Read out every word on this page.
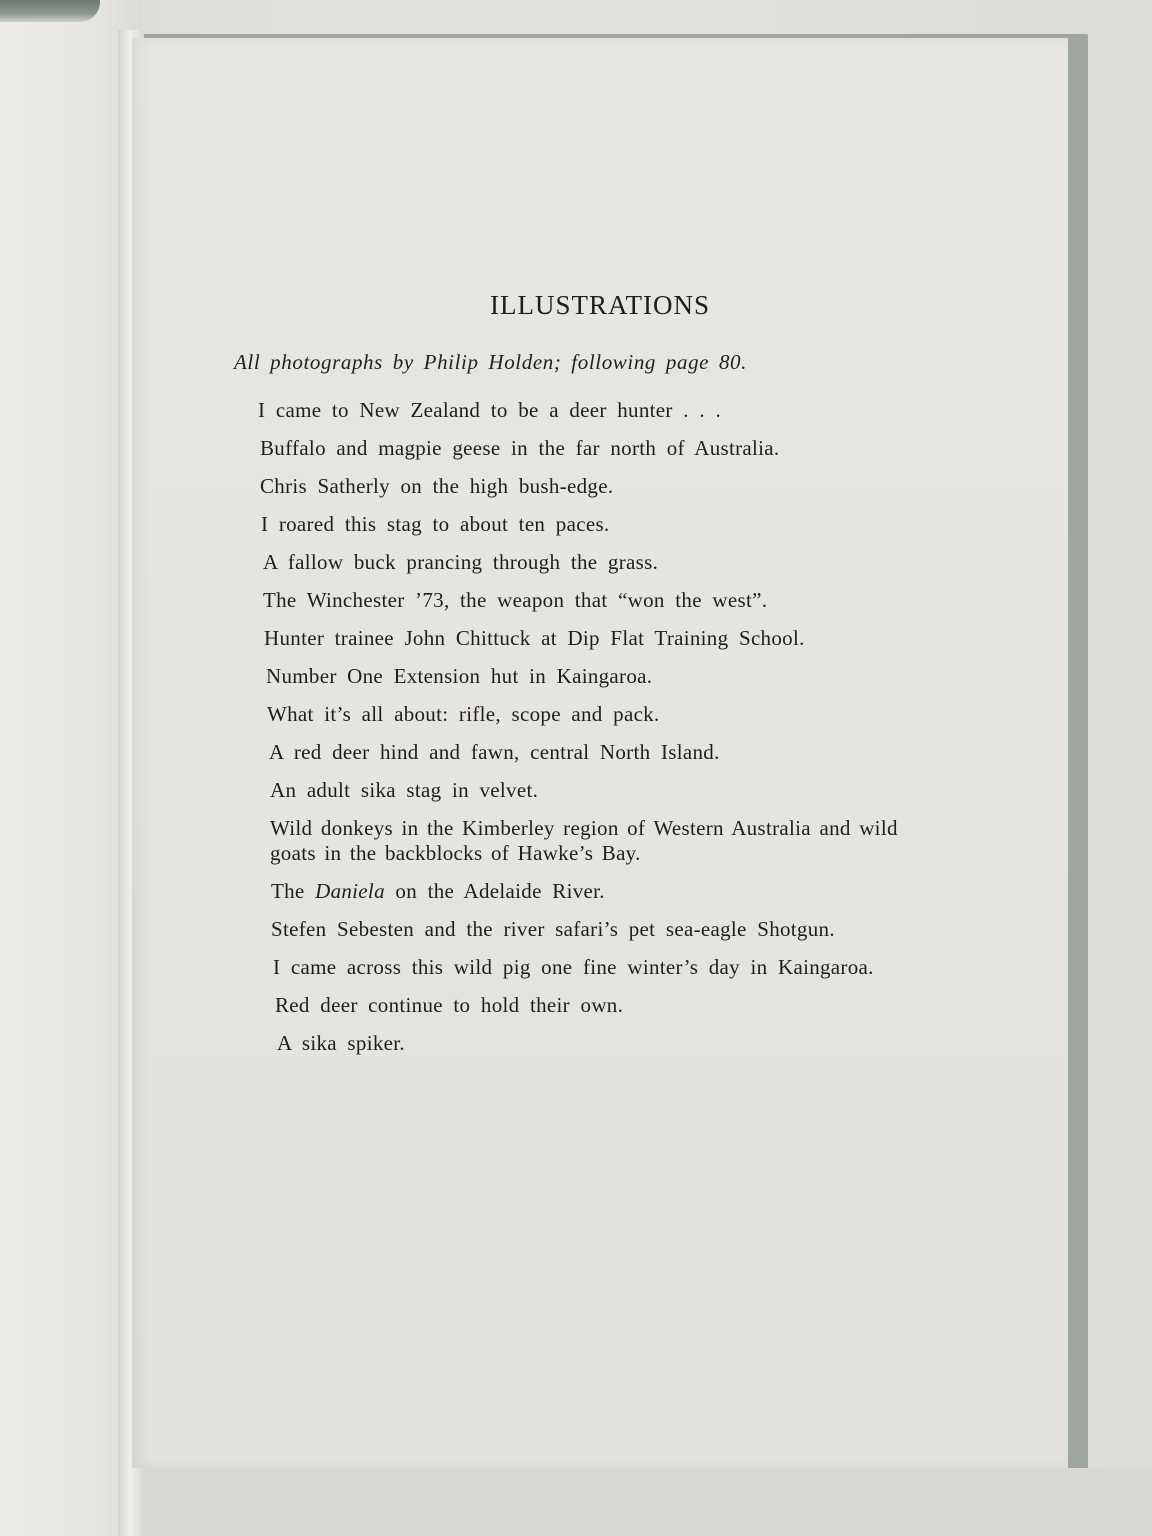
ILLUSTRATIONS
All photographs by Philip Holden; following page 80.
I came to New Zealand to be a deer hunter . . .
Buffalo and magpie geese in the far north of Australia.
Chris Satherly on the high bush-edge.
I roared this stag to about ten paces.
A fallow buck prancing through the grass.
The Winchester ’73, the weapon that “won the west”.
Hunter trainee John Chittuck at Dip Flat Training School.
Number One Extension hut in Kaingaroa.
What it’s all about: rifle, scope and pack.
A red deer hind and fawn, central North Island.
An adult sika stag in velvet.
Wild donkeys in the Kimberley region of Western Australia and wild goats in the backblocks of Hawke’s Bay.
The Daniela on the Adelaide River.
Stefen Sebesten and the river safari’s pet sea-eagle Shotgun.
I came across this wild pig one fine winter’s day in Kaingaroa.
Red deer continue to hold their own.
A sika spiker.
